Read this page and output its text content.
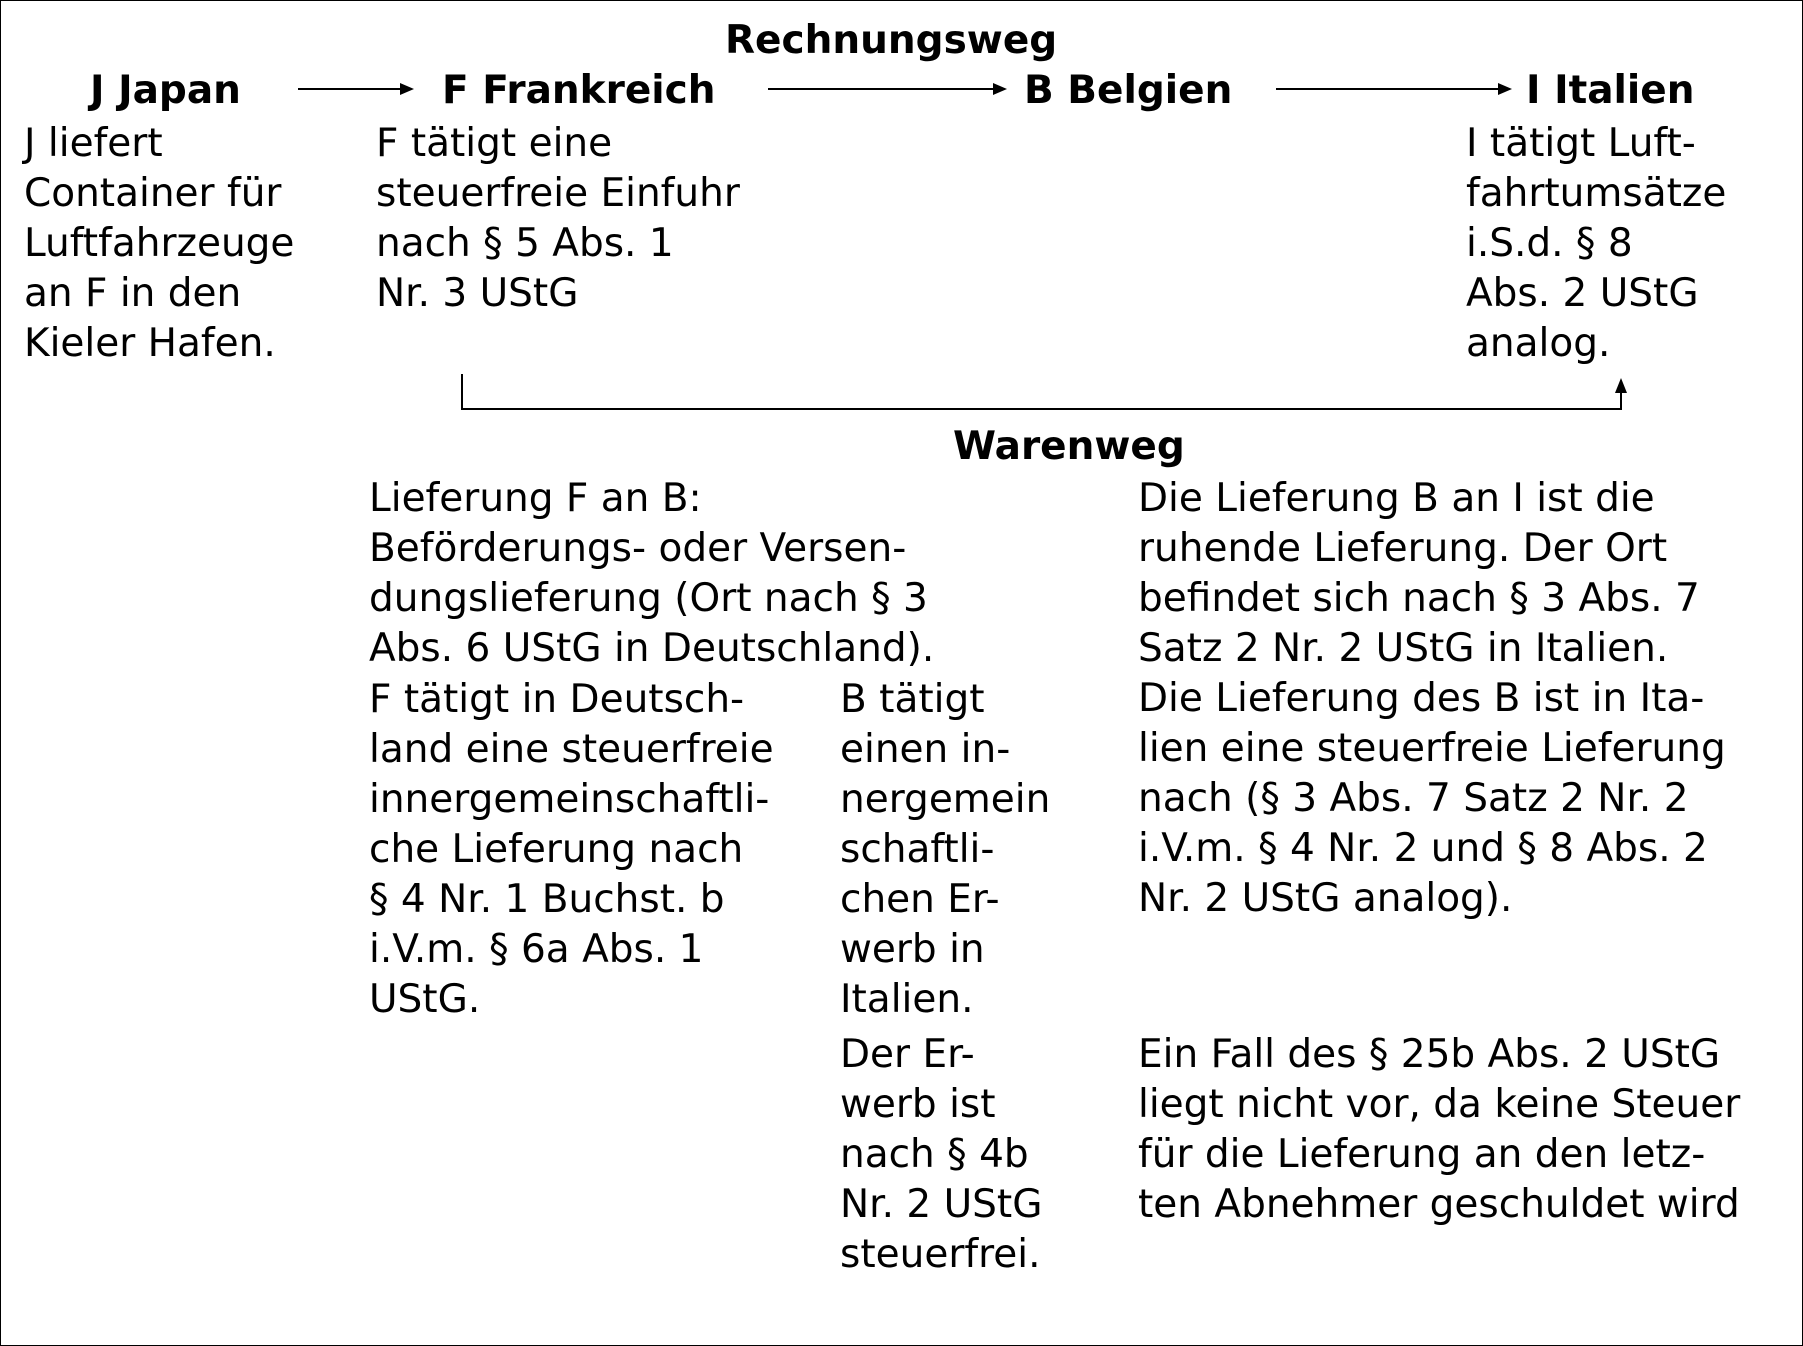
Rechnungsweg
J Japan	F Frankreich	B Belgien	I Italien
J liefert
Container für
Luftfahrzeuge
an F in den
Kieler Hafen.
F tätigt eine
steuerfreie Einfuhr
nach § 5 Abs. 1
Nr. 3 UStG
I tätigt Luft-
fahrtumsätze
i.S.d. § 8
Abs. 2 UStG
analog.
Warenweg
Lieferung F an B:
Beförderungs- oder Versen-
dungslieferung (Ort nach § 3
Abs. 6 UStG in Deutschland).
F tätigt in Deutsch-
land eine steuerfreie
innergemeinschaftli-
che Lieferung nach
§ 4 Nr. 1 Buchst. b
i.V.m. § 6a Abs. 1
UStG.
B tätigt
einen in-
nergemein
schaftli-
chen Er-
werb in
Italien.
Der Er-
werb ist
nach § 4b
Nr. 2 UStG
steuerfrei.
Die Lieferung B an I ist die
ruhende Lieferung. Der Ort
befindet sich nach § 3 Abs. 7
Satz 2 Nr. 2 UStG in Italien.
Die Lieferung des B ist in Ita-
lien eine steuerfreie Lieferung
nach (§ 3 Abs. 7 Satz 2 Nr. 2
i.V.m. § 4 Nr. 2 und § 8 Abs. 2
Nr. 2 UStG analog).
Ein Fall des § 25b Abs. 2 UStG
liegt nicht vor, da keine Steuer
für die Lieferung an den letz-
ten Abnehmer geschuldet wird
